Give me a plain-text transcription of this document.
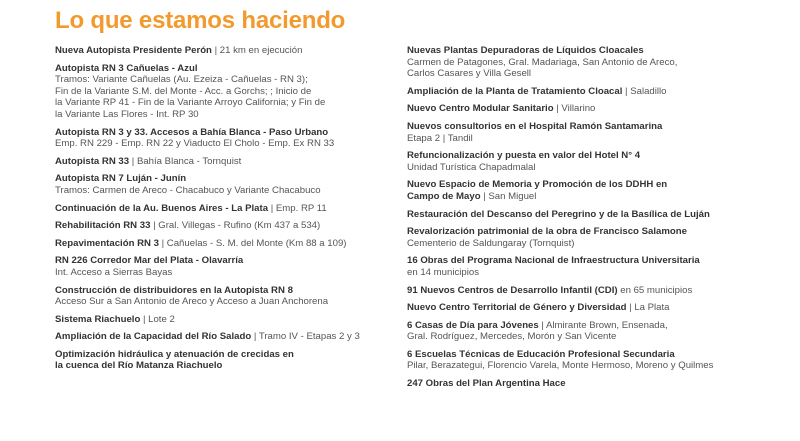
Lo que estamos haciendo
Nueva Autopista Presidente Perón | 21 km en ejecución
Autopista RN 3 Cañuelas - Azul
Tramos: Variante Cañuelas (Au. Ezeiza - Cañuelas - RN 3);
Fin de la Variante S.M. del Monte - Acc. a Gorchs; ; Inicio de
la Variante RP 41 - Fin de la Variante Arroyo California; y Fin de
la Variante Las Flores - Int. RP 30
Autopista RN 3 y 33. Accesos a Bahía Blanca - Paso Urbano
Emp. RN 229 - Emp. RN 22 y Viaducto El Cholo - Emp. Ex RN 33
Autopista RN 33 | Bahía Blanca - Tornquist
Autopista RN 7 Luján - Junín
Tramos: Carmen de Areco - Chacabuco y Variante Chacabuco
Continuación de la Au. Buenos Aires - La Plata | Emp. RP 11
Rehabilitación RN 33 | Gral. Villegas - Rufino (Km 437 a 534)
Repavimentación RN 3 | Cañuelas - S. M. del Monte (Km 88 a 109)
RN 226 Corredor Mar del Plata - Olavarría
Int. Acceso a Sierras Bayas
Construcción de distribuidores en la Autopista RN 8
Acceso Sur a San Antonio de Areco y Acceso a Juan Anchorena
Sistema Riachuelo | Lote 2
Ampliación de la Capacidad del Río Salado | Tramo IV - Etapas 2 y 3
Optimización hidráulica y atenuación de crecidas en
la cuenca del Río Matanza Riachuelo
Nuevas Plantas Depuradoras de Líquidos Cloacales
Carmen de Patagones, Gral. Madariaga, San Antonio de Areco,
Carlos Casares y Villa Gesell
Ampliación de la Planta de Tratamiento Cloacal | Saladillo
Nuevo Centro Modular Sanitario | Villarino
Nuevos consultorios en el Hospital Ramón Santamarina
Etapa 2 | Tandil
Refuncionalización y puesta en valor del Hotel N° 4
Unidad Turística Chapadmalal
Nuevo Espacio de Memoria y Promoción de los DDHH en
Campo de Mayo | San Miguel
Restauración del Descanso del Peregrino y de la Basílica de Luján
Revalorización patrimonial de la obra de Francisco Salamone
Cementerio de Saldungaray (Tornquist)
16 Obras del Programa Nacional de Infraestructura Universitaria
en 14 municipios
91 Nuevos Centros de Desarrollo Infantil (CDI) en 65 municipios
Nuevo Centro Territorial de Género y Diversidad | La Plata
6 Casas de Día para Jóvenes | Almirante Brown, Ensenada,
Gral. Rodríguez, Mercedes, Morón y San Vicente
6 Escuelas Técnicas de Educación Profesional Secundaria
Pilar, Berazategui, Florencio Varela, Monte Hermoso, Moreno y Quilmes
247 Obras del Plan Argentina Hace
